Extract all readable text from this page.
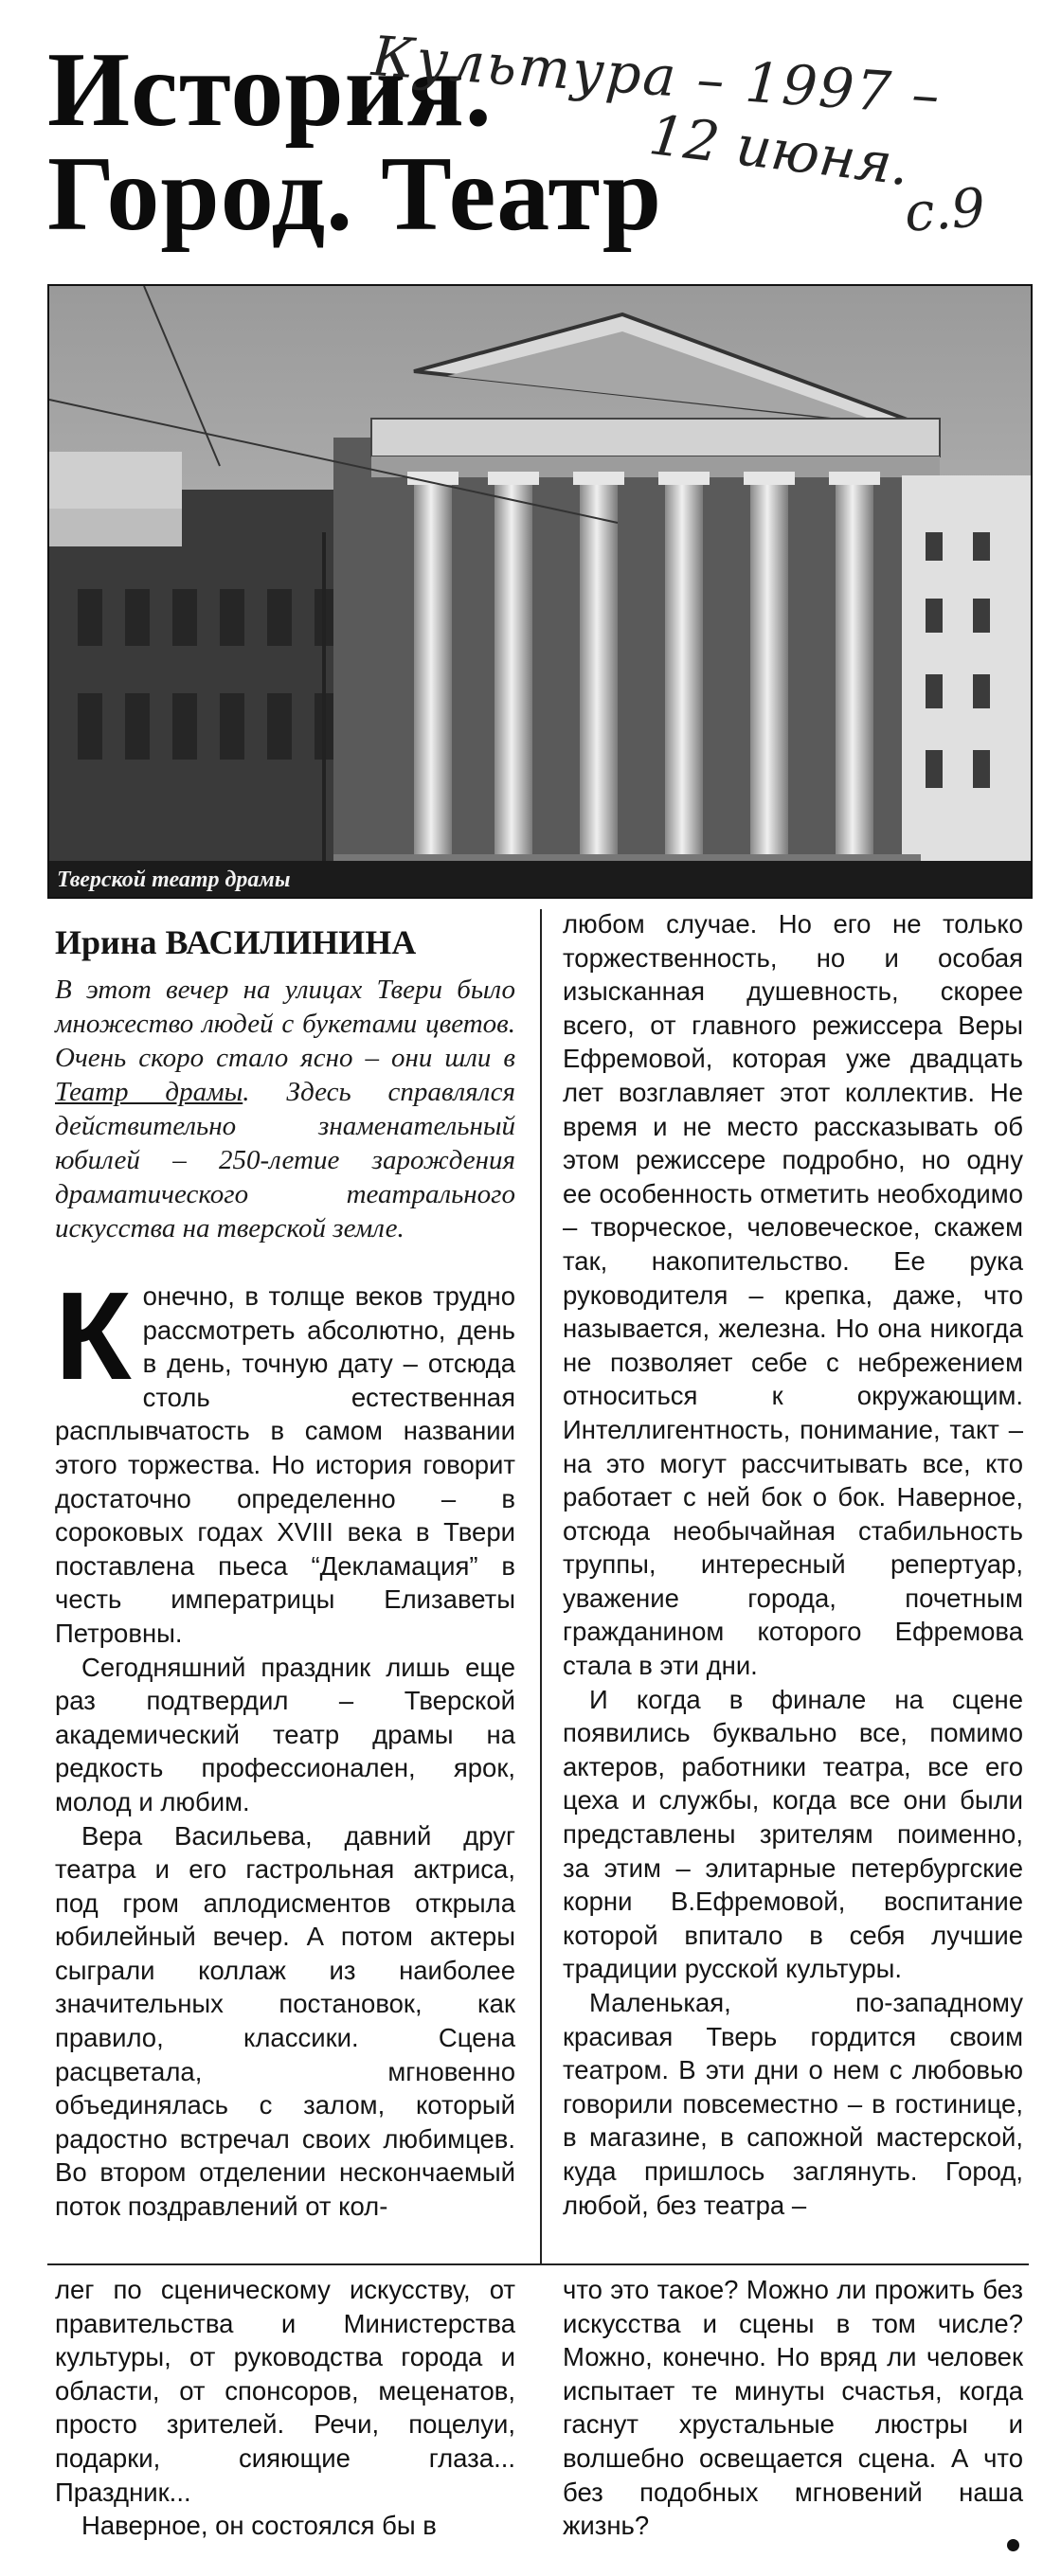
История.
Город. Театр
Культура – 1997 –
12 июня.
с.9
Тверской театр драмы
Ирина ВАСИЛИНИНА
В этот вечер на улицах Твери было множество людей с букетами цветов. Очень скоро стало ясно – они шли в Театр драмы. Здесь справлялся действительно знаменательный юбилей – 250-летие зарождения драматического театрального искусства на тверской земле.

Конечно, в толще веков трудно рассмотреть абсолютно, день в день, точную дату – отсюда столь естественная расплывчатость в самом названии этого торжества. Но история говорит достаточно определенно – в сороковых годах XVIII века в Твери поставлена пьеса “Декламация” в честь императрицы Елизаветы Петровны.

Сегодняшний праздник лишь еще раз подтвердил – Тверской академический театр драмы на редкость профессионален, ярок, молод и любим.

Вера Васильева, давний друг театра и его гастрольная актриса, под гром аплодисментов открыла юбилейный вечер. А потом актеры сыграли коллаж из наиболее значительных постановок, как правило, классики. Сцена расцветала, мгновенно объединялась с залом, который радостно встречал своих любимцев. Во втором отделении нескончаемый поток поздравлений от кол-

любом случае. Но его не только торжественность, но и особая изысканная душевность, скорее всего, от главного режиссера Веры Ефремовой, которая уже двадцать лет возглавляет этот коллектив. Не время и не место рассказывать об этом режиссере подробно, но одну ее особенность отметить необходимо – творческое, человеческое, скажем так, накопительство. Ее рука руководителя – крепка, даже, что называется, железна. Но она никогда не позволяет себе с небрежением относиться к окружающим. Интеллигентность, понимание, такт – на это могут рассчитывать все, кто работает с ней бок о бок. Наверное, отсюда необычайная стабильность труппы, интересный репертуар, уважение города, почетным гражданином которого Ефремова стала в эти дни.

И когда в финале на сцене появились буквально все, помимо актеров, работники театра, все его цеха и службы, когда все они были представлены зрителям поименно, за этим – элитарные петербургские корни В.Ефремовой, воспитание которой впитало в себя лучшие традиции русской культуры.

Маленькая, по-западному красивая Тверь гордится своим театром. В эти дни о нем с любовью говорили повсеместно – в гостинице, в магазине, в сапожной мастерской, куда пришлось заглянуть. Город, любой, без театра –

лег по сценическому искусству, от правительства и Министерства культуры, от руководства города и области, от спонсоров, меценатов, просто зрителей. Речи, поцелуи, подарки, сияющие глаза... Праздник...

Наверное, он состоялся бы в

что это такое? Можно ли прожить без искусства и сцены в том числе? Можно, конечно. Но вряд ли человек испытает те минуты счастья, когда гаснут хрустальные люстры и волшебно освещается сцена. А что без подобных мгновений наша жизнь?
